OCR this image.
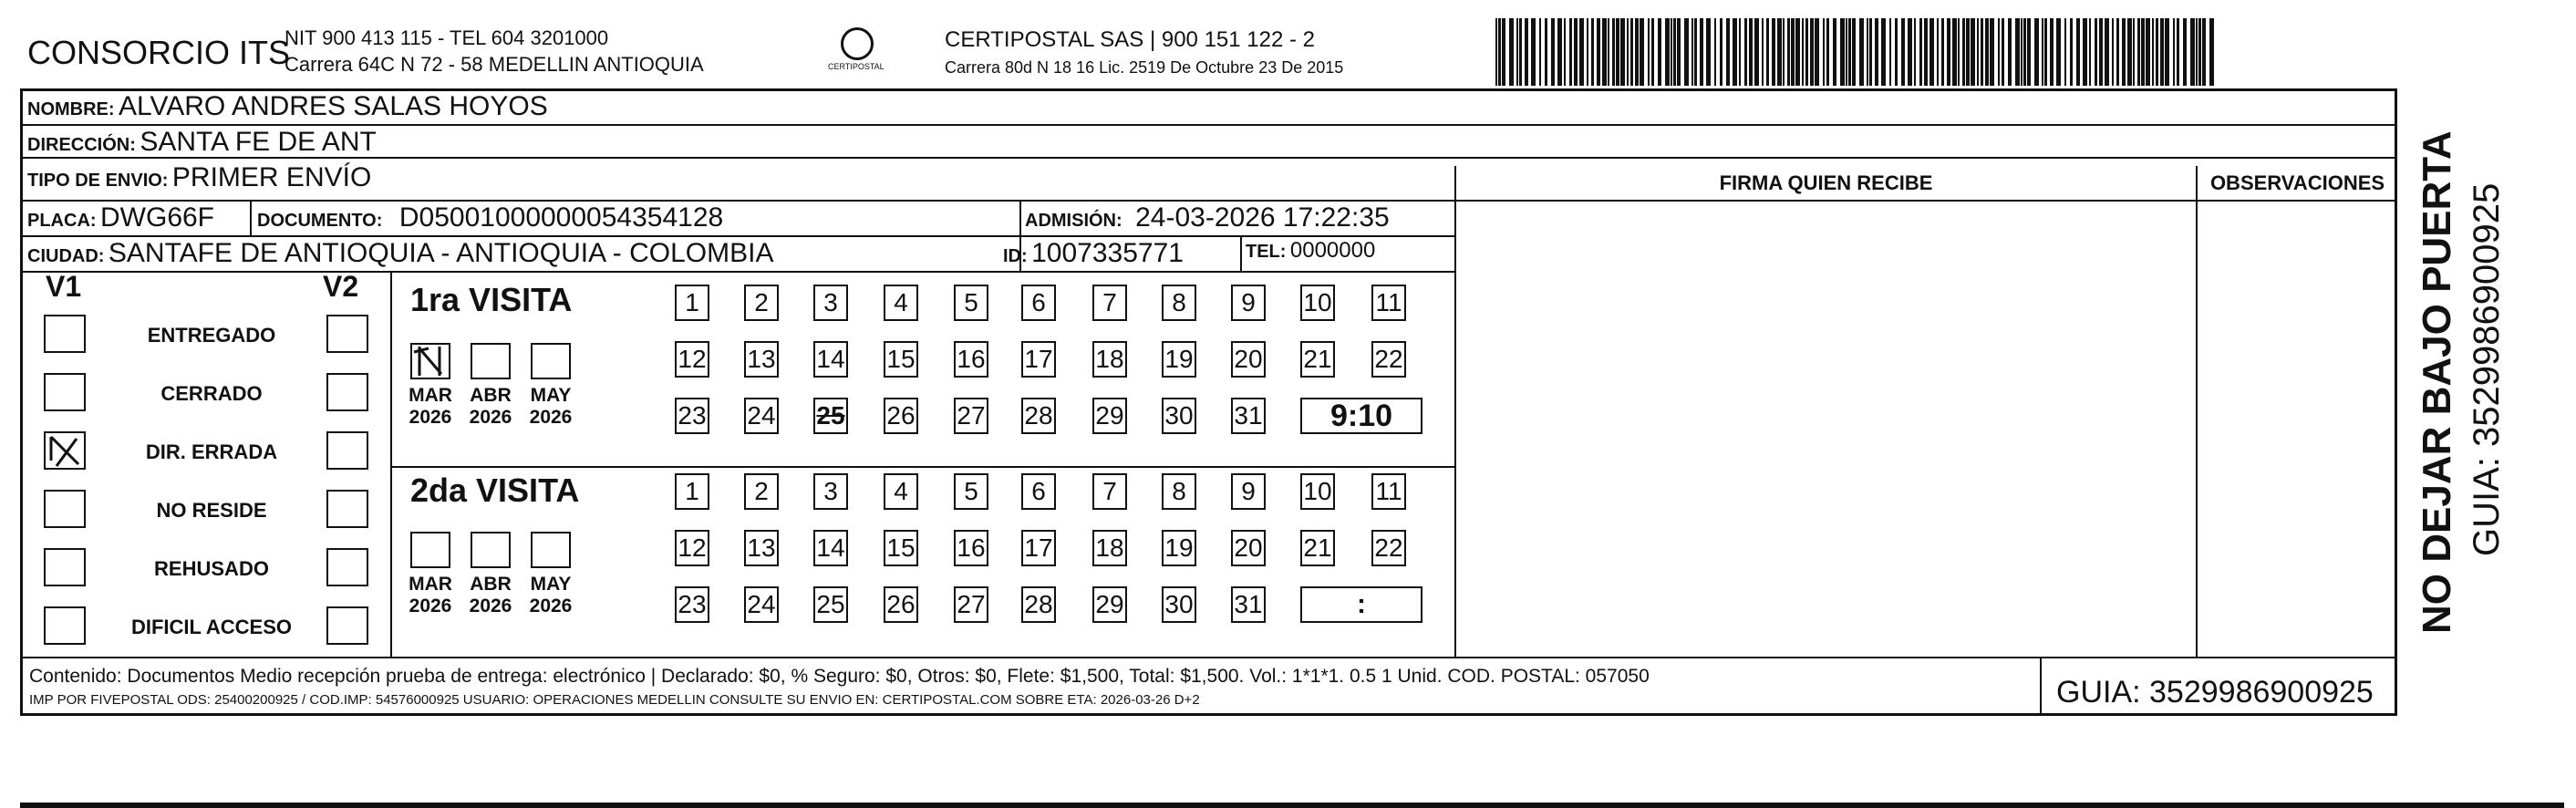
CONSORCIO ITS
NIT 900 413 115 - TEL 604 3201000
Carrera 64C N 72 - 58 MEDELLIN ANTIOQUIA	CERTIPOSTAL
CERTIPOSTAL SAS | 900 151 122 - 2
Carrera 80d N 18 16 Lic. 2519 De Octubre 23 De 2015
NOMBRE: ALVARO ANDRES SALAS HOYOS
DIRECCIÓN: SANTA FE DE ANT
TIPO DE ENVIO: PRIMER ENVÍO
PLACA: DWG66F DOCUMENTO: D05001000000054354128	ADMISIÓN: 24-03-2026 17:22:35
CIUDAD: SANTAFE DE ANTIOQUIA - ANTIOQUIA - COLOMBIA	ID: 1007335771	TEL: 0000000
FIRMA QUIEN RECIBE	OBSERVACIONES
V1	V2
ENTREGADO
CERRADO
DIR. ERRADA
NO RESIDE
REHUSADO
DIFICIL ACCESO
1ra VISITA
2da VISITA
MAR
2026
ABR
2026
MAY
2026
1	2	3	4	5	6	7	8	9	10 11
12 13 14 15 16 17 18 19 20 21 22
23 24 25 26 27 28 29 30 31	9:10
MAR
2026
ABR
2026
MAY
2026
1	2	3	4	5	6	7	8	9	10 11
12 13 14 15 16 17 18 19 20 21 22
23 24 25 26 27 28 29 30 31	:
Contenido: Documentos Medio recepción prueba de entrega: electrónico | Declarado: $0, % Seguro: $0, Otros: $0, Flete: $1,500, Total: $1,500. Vol.: 1*1*1. 0.5 1 Unid. COD. POSTAL: 057050
IMP POR FIVEPOSTAL ODS: 25400200925 / COD.IMP: 54576000925 USUARIO: OPERACIONES MEDELLIN CONSULTE SU ENVIO EN: CERTIPOSTAL.COM SOBRE ETA: 2026-03-26 D+2	GUIA: 3529986900925
NO DEJAR BAJO PUERTA GUIA: 3529986900925
